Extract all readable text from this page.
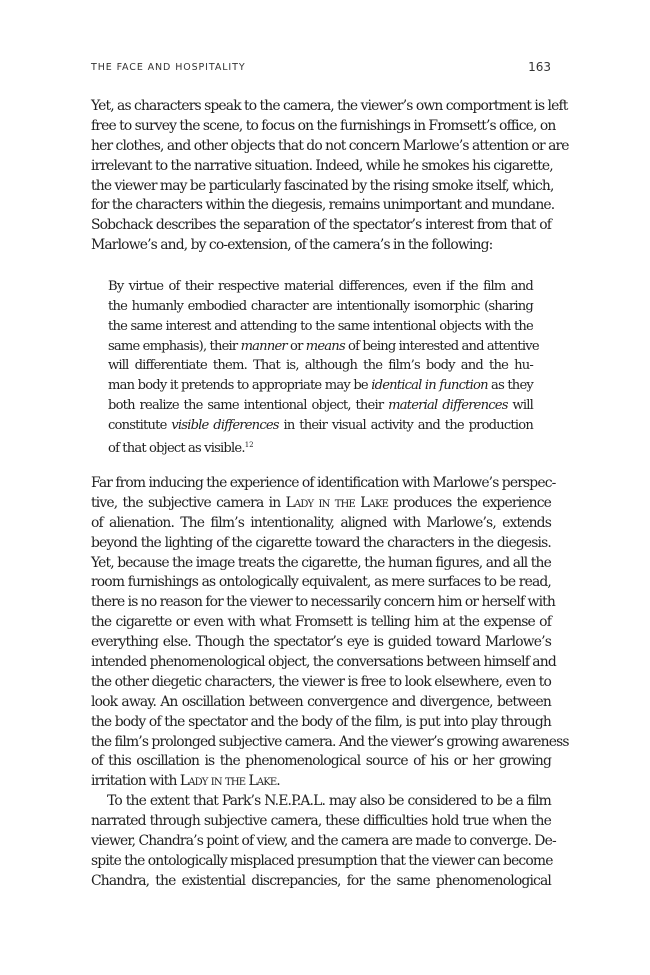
THE FACE AND HOSPITALITY	163
Yet, as characters speak to the camera, the viewer’s own comportment is left
free to survey the scene, to focus on the furnishings in Fromsett’s office, on
her clothes, and other objects that do not concern Marlowe’s attention or are
irrelevant to the narrative situation. Indeed, while he smokes his cigarette,
the viewer may be particularly fascinated by the rising smoke itself, which,
for the characters within the diegesis, remains unimportant and mundane.
Sobchack describes the separation of the spectator’s interest from that of
Marlowe’s and, by co-extension, of the camera’s in the following:
By virtue of their respective material differences, even if the film and
the humanly embodied character are intentionally isomorphic (sharing
the same interest and attending to the same intentional objects with the
same emphasis), their manner or means of being interested and attentive
will differentiate them. That is, although the film’s body and the hu-
man body it pretends to appropriate may be identical in function as they
both realize the same intentional object, their material differences will
constitute visible differences in their visual activity and the production
of that object as visible.$^{12}$
Far from inducing the experience of identification with Marlowe’s perspec-
tive, the subjective camera in Lady in the Lake produces the experience
of alienation. The film’s intentionality, aligned with Marlowe’s, extends
beyond the lighting of the cigarette toward the characters in the diegesis.
Yet, because the image treats the cigarette, the human figures, and all the
room furnishings as ontologically equivalent, as mere surfaces to be read,
there is no reason for the viewer to necessarily concern him or herself with
the cigarette or even with what Fromsett is telling him at the expense of
everything else. Though the spectator’s eye is guided toward Marlowe’s
intended phenomenological object, the conversations between himself and
the other diegetic characters, the viewer is free to look elsewhere, even to
look away. An oscillation between convergence and divergence, between
the body of the spectator and the body of the film, is put into play through
the film’s prolonged subjective camera. And the viewer’s growing awareness
of this oscillation is the phenomenological source of his or her growing
irritation with Lady in the Lake.
To the extent that Park’s N.E.P.A.L. may also be considered to be a film
narrated through subjective camera, these difficulties hold true when the
viewer, Chandra’s point of view, and the camera are made to converge. De-
spite the ontologically misplaced presumption that the viewer can become
Chandra, the existential discrepancies, for the same phenomenological
